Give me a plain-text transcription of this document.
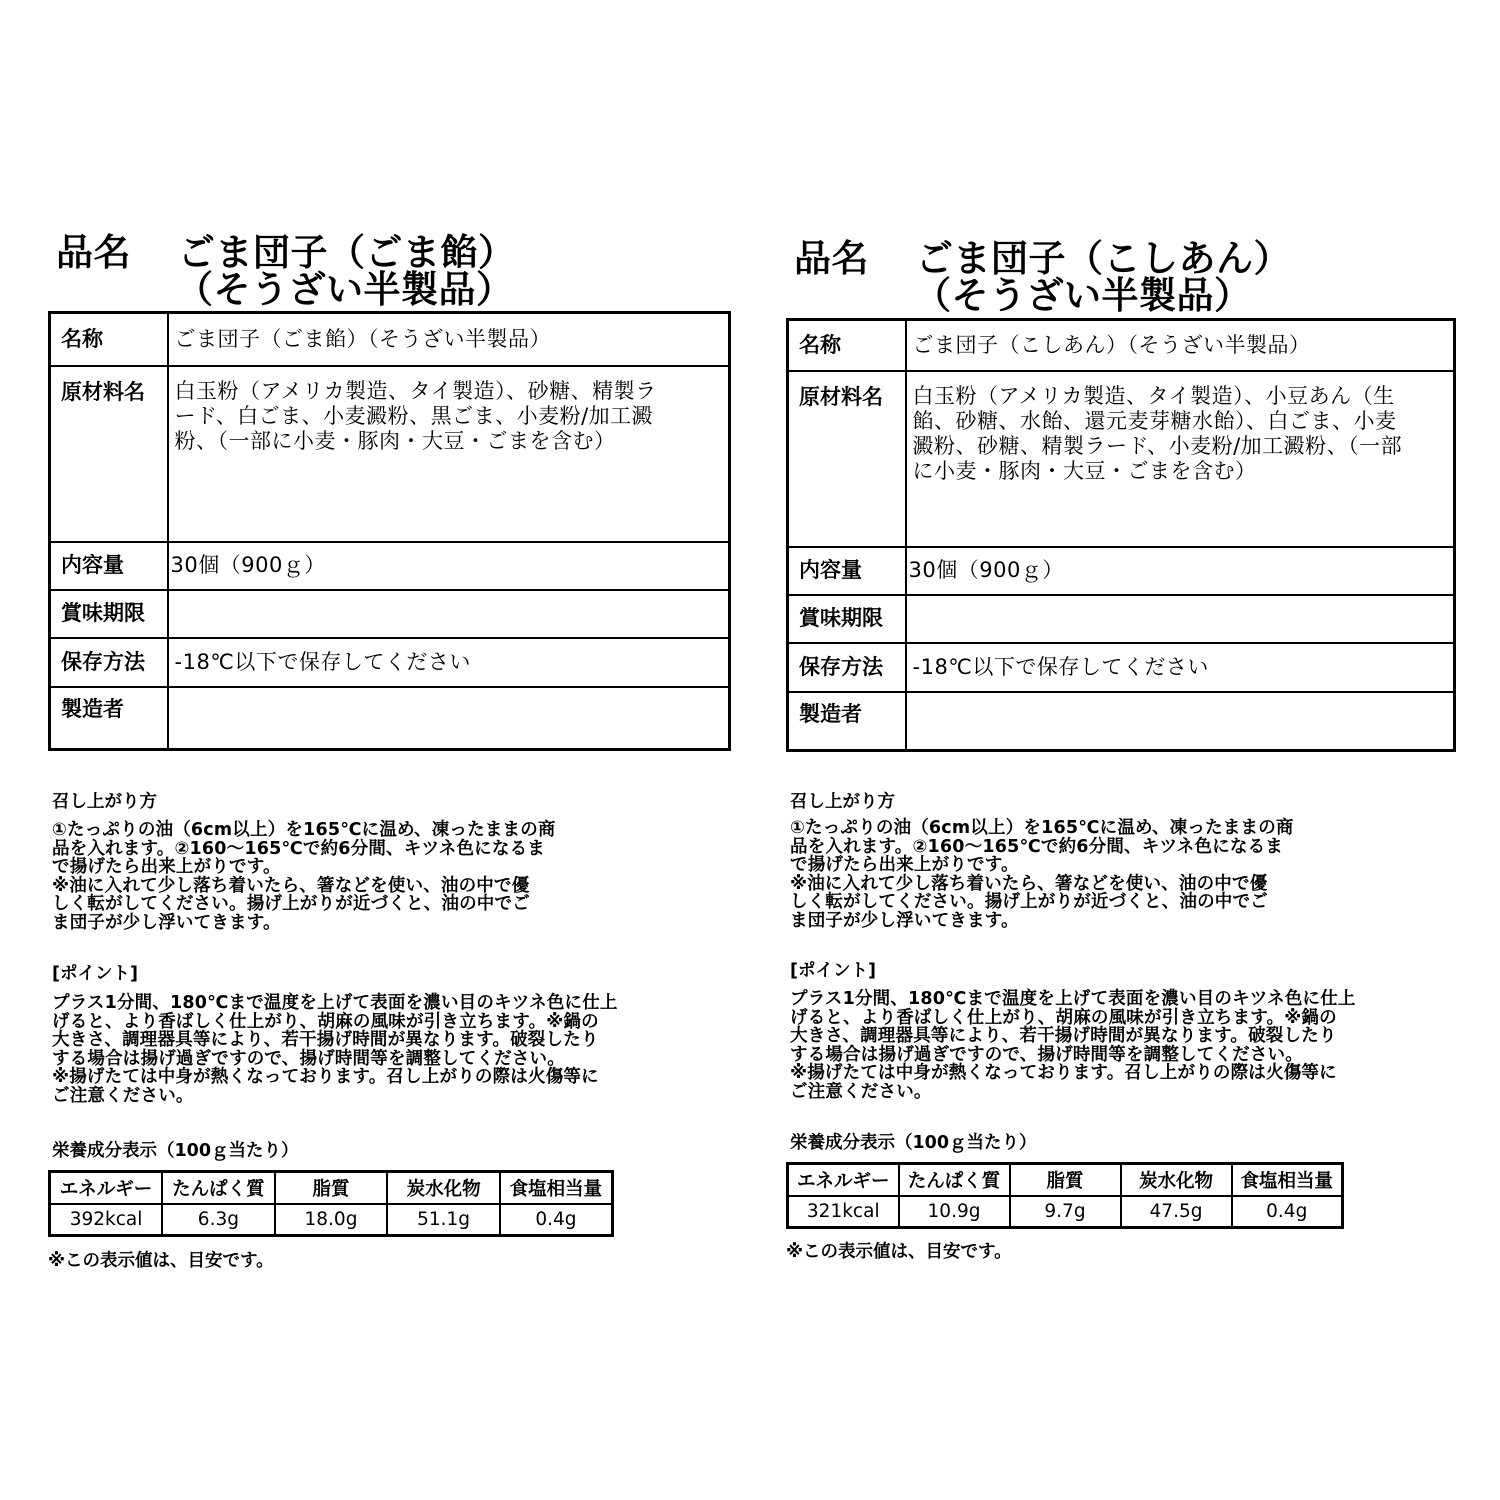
品名 ごま団子（ごま餡）
（そうざい半製品）
名称	ごま団子（ごま餡）（そうざい半製品）
原材料名	白玉粉（アメリカ製造、タイ製造）、砂糖、精製ラード、白ごま、小麦澱粉、黒ごま、小麦粉/加工澱粉、（一部に小麦・豚肉・大豆・ごまを含む）
内容量	30個（900ｇ）
賞味期限	
保存方法	-18℃以下で保存してください
製造者	
召し上がり方
①たっぷりの油（6cm以上）を165℃に温め、凍ったままの商
品を入れます。②160～165℃で約6分間、キツネ色になるま
で揚げたら出来上がりです。
※油に入れて少し落ち着いたら、箸などを使い、油の中で優
しく転がしてください。揚げ上がりが近づくと、油の中でご
ま団子が少し浮いてきます。
[ポイント]
プラス1分間、180℃まで温度を上げて表面を濃い目のキツネ色に仕上
げると、より香ばしく仕上がり、胡麻の風味が引き立ちます。※鍋の
大きさ、調理器具等により、若干揚げ時間が異なります。破裂したり
する場合は揚げ過ぎですので、揚げ時間等を調整してください。
※揚げたては中身が熱くなっております。召し上がりの際は火傷等に
ご注意ください。
栄養成分表示（100ｇ当たり）
エネルギー	たんぱく質	脂質	炭水化物	食塩相当量
392kcal	6.3g	18.0g	51.1g	0.4g
※この表示値は、目安です。
品名 ごま団子（こしあん）
（そうざい半製品）
名称	ごま団子（こしあん）（そうざい半製品）
原材料名	白玉粉（アメリカ製造、タイ製造）、小豆あん（生餡、砂糖、水飴、還元麦芽糖水飴）、白ごま、小麦澱粉、砂糖、精製ラード、小麦粉/加工澱粉、（一部に小麦・豚肉・大豆・ごまを含む）
内容量	30個（900ｇ）
賞味期限	
保存方法	-18℃以下で保存してください
製造者	
召し上がり方
①たっぷりの油（6cm以上）を165℃に温め、凍ったままの商
品を入れます。②160～165℃で約6分間、キツネ色になるま
で揚げたら出来上がりです。
※油に入れて少し落ち着いたら、箸などを使い、油の中で優
しく転がしてください。揚げ上がりが近づくと、油の中でご
ま団子が少し浮いてきます。
[ポイント]
プラス1分間、180℃まで温度を上げて表面を濃い目のキツネ色に仕上
げると、より香ばしく仕上がり、胡麻の風味が引き立ちます。※鍋の
大きさ、調理器具等により、若干揚げ時間が異なります。破裂したり
する場合は揚げ過ぎですので、揚げ時間等を調整してください。
※揚げたては中身が熱くなっております。召し上がりの際は火傷等に
ご注意ください。
栄養成分表示（100ｇ当たり）
エネルギー	たんぱく質	脂質	炭水化物	食塩相当量
321kcal	10.9g	9.7g	47.5g	0.4g
※この表示値は、目安です。
